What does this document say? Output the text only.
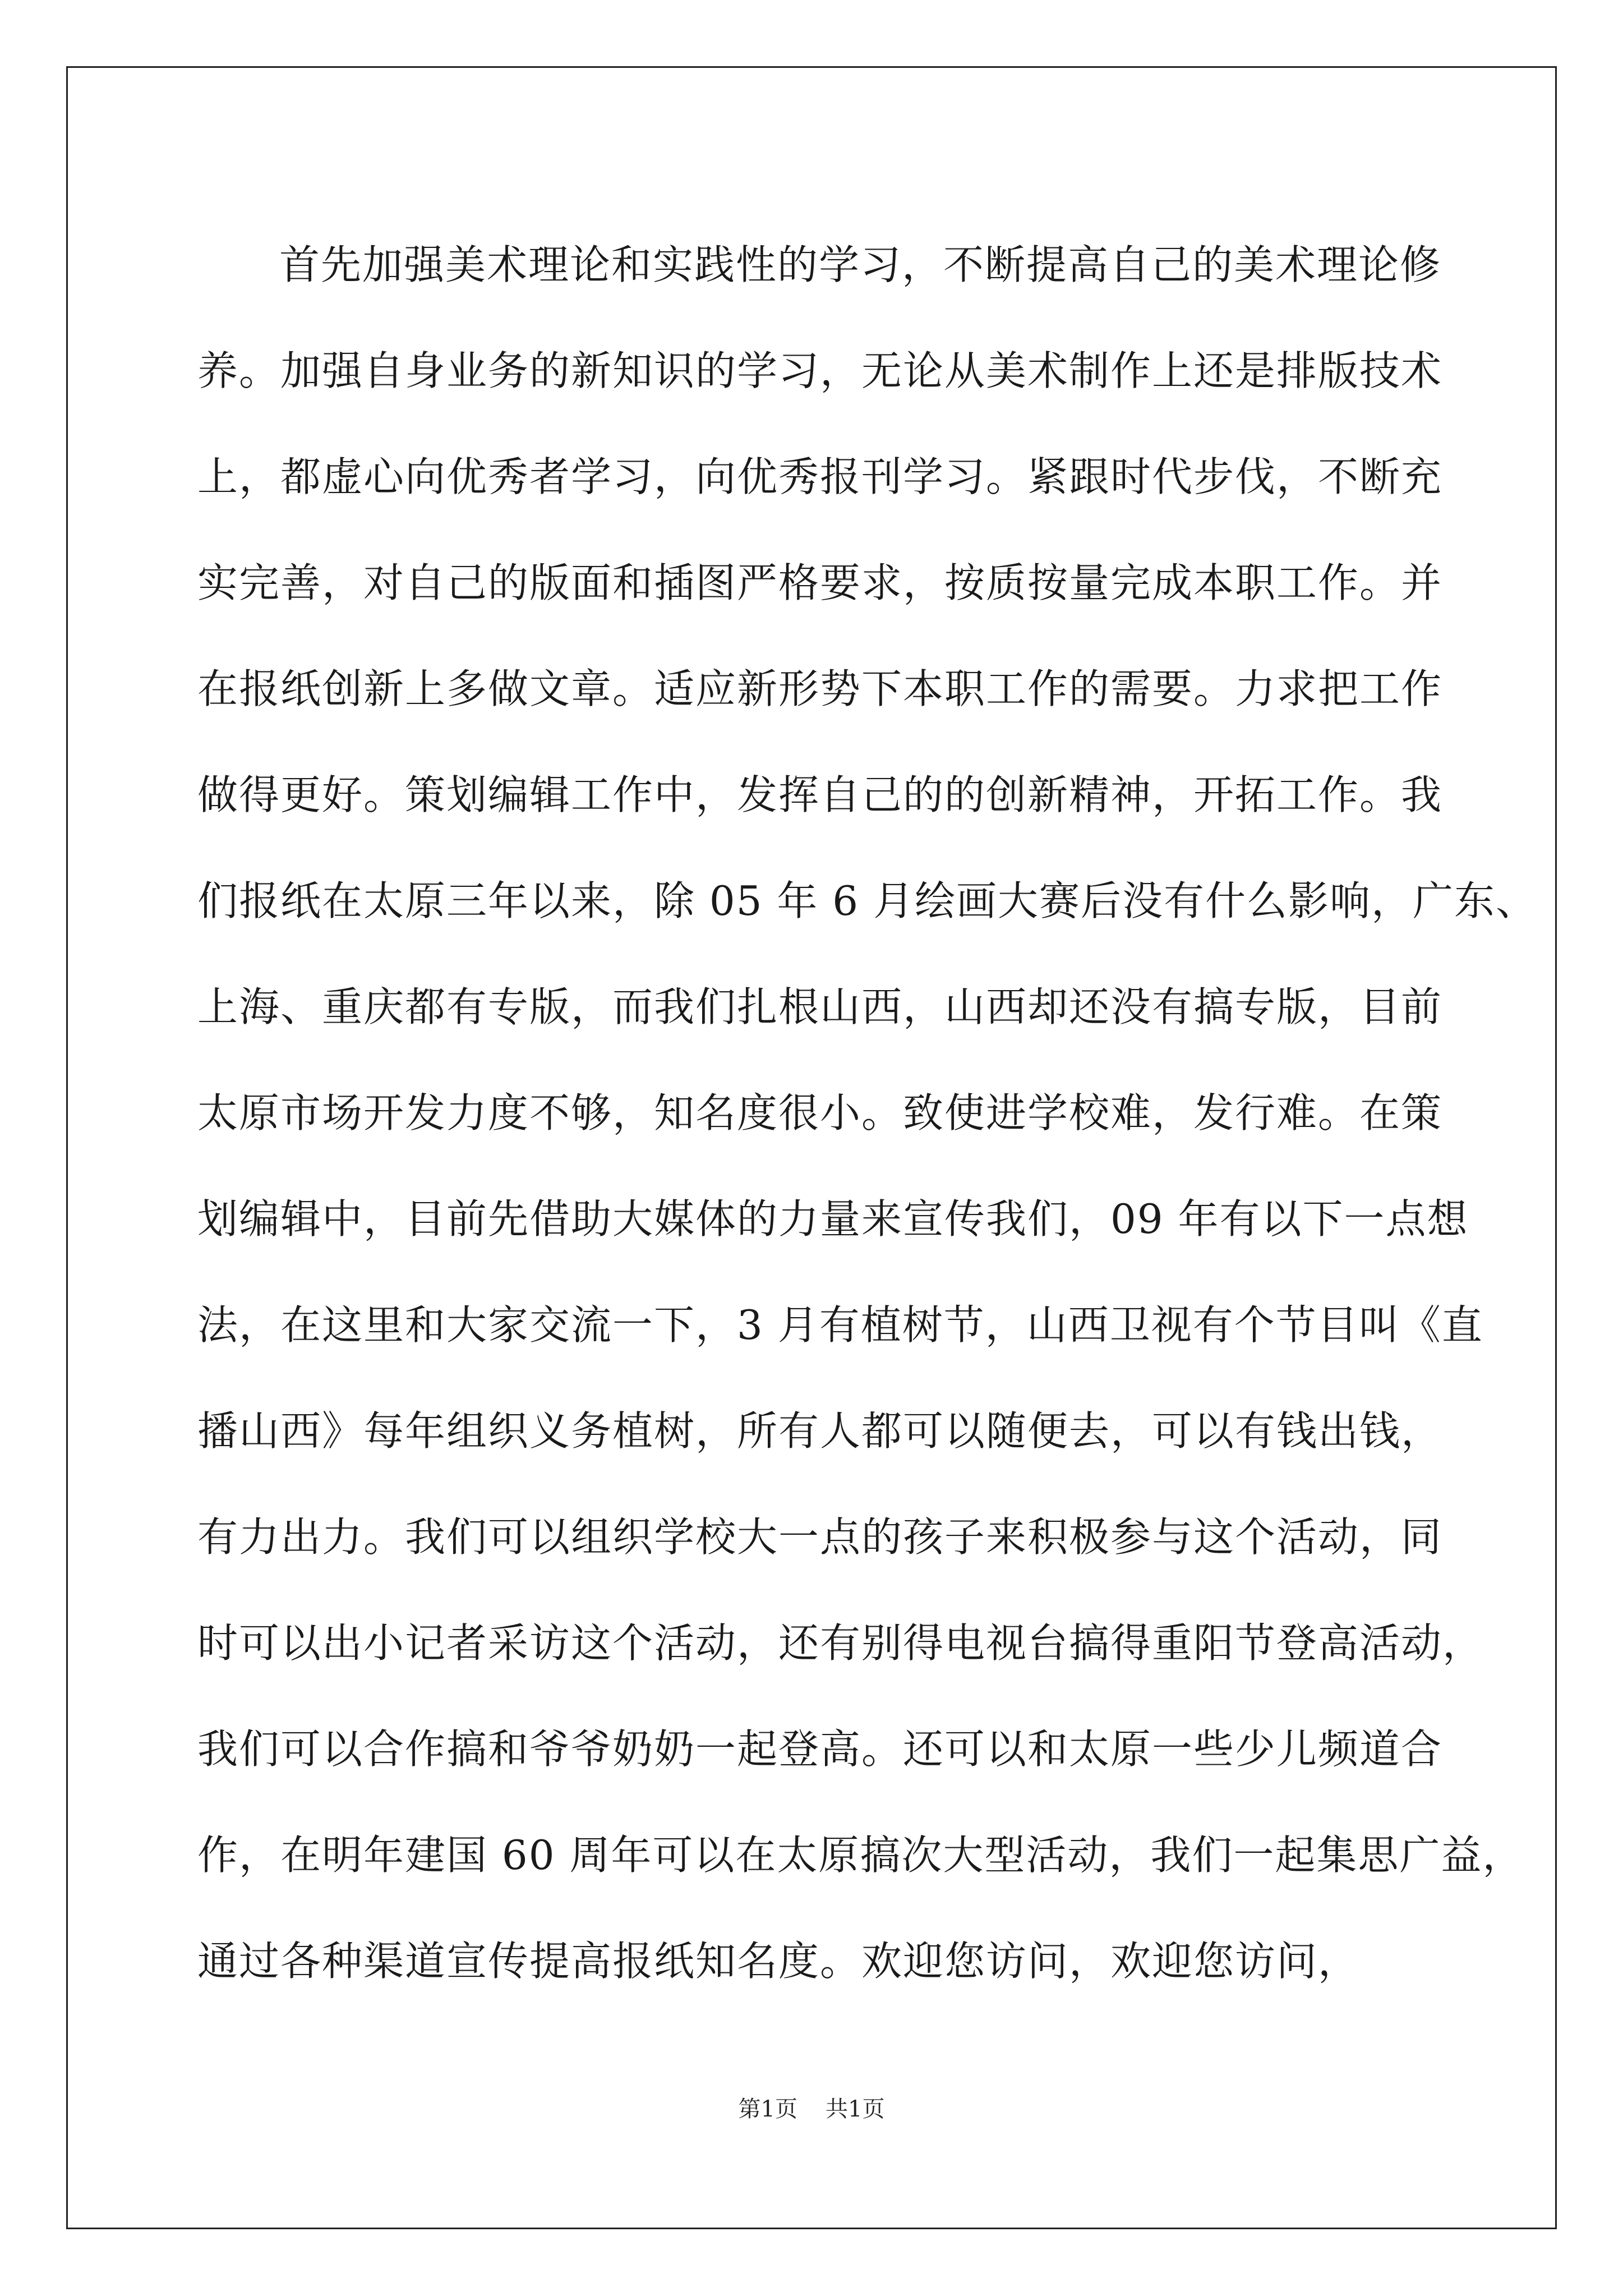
首先加强美术理论和实践性的学习，不断提高自己的美术理论修
养。加强自身业务的新知识的学习，无论从美术制作上还是排版技术
上，都虚心向优秀者学习，向优秀报刊学习。紧跟时代步伐，不断充
实完善，对自己的版面和插图严格要求，按质按量完成本职工作。并
在报纸创新上多做文章。适应新形势下本职工作的需要。力求把工作
做得更好。策划编辑工作中，发挥自己的的创新精神，开拓工作。我
们报纸在太原三年以来，除 05 年 6 月绘画大赛后没有什么影响，广东、
上海、重庆都有专版，而我们扎根山西，山西却还没有搞专版，目前
太原市场开发力度不够，知名度很小。致使进学校难，发行难。在策
划编辑中，目前先借助大媒体的力量来宣传我们，09 年有以下一点想
法，在这里和大家交流一下，3 月有植树节，山西卫视有个节目叫《直
播山西》每年组织义务植树，所有人都可以随便去，可以有钱出钱，
有力出力。我们可以组织学校大一点的孩子来积极参与这个活动，同
时可以出小记者采访这个活动，还有别得电视台搞得重阳节登高活动，
我们可以合作搞和爷爷奶奶一起登高。还可以和太原一些少儿频道合
作，在明年建国 60 周年可以在太原搞次大型活动，我们一起集思广益，
通过各种渠道宣传提高报纸知名度。欢迎您访问，欢迎您访问，
第1页 共1页
